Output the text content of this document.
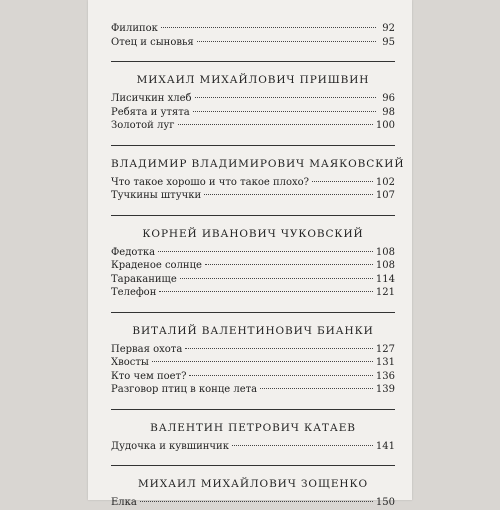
Филипок	92
Отец и сыновья	95
МИХАИЛ МИХАЙЛОВИЧ ПРИШВИН
Лисичкин хлеб	96
Ребята и утята	98
Золотой луг	100
ВЛАДИМИР ВЛАДИМИРОВИЧ МАЯКОВСКИЙ
Что такое хорошо и что такое плохо?	102
Тучкины штучки	107
КОРНЕЙ ИВАНОВИЧ ЧУКОВСКИЙ
Федотка	108
Краденое солнце	108
Тараканище	114
Телефон	121
ВИТАЛИЙ ВАЛЕНТИНОВИЧ БИАНКИ
Первая охота	127
Хвосты	131
Кто чем поет?	136
Разговор птиц в конце лета	139
ВАЛЕНТИН ПЕТРОВИЧ КАТАЕВ
Дудочка и кувшинчик	141
МИХАИЛ МИХАЙЛОВИЧ ЗОЩЕНКО
Елка	150
